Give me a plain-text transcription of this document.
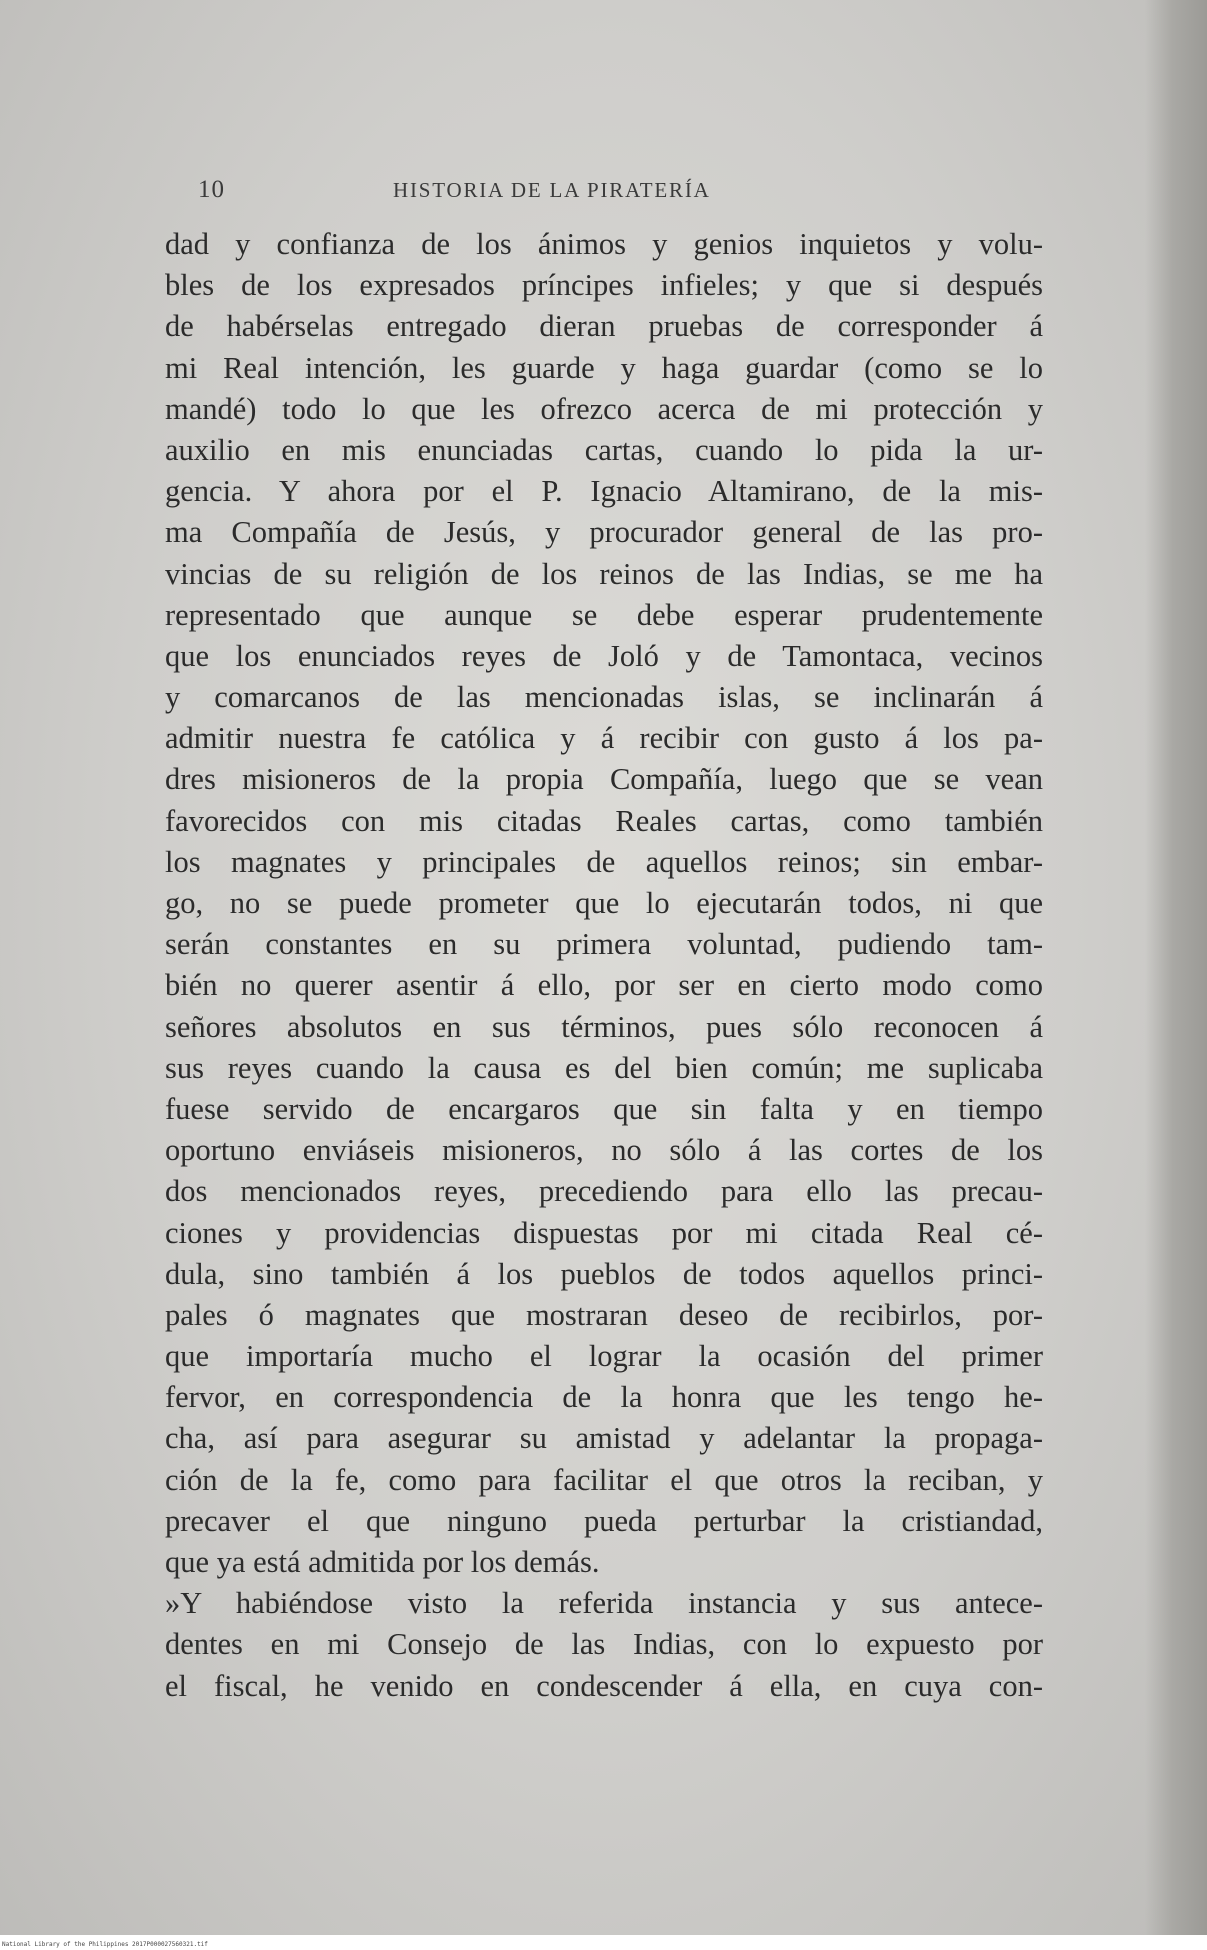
10	HISTORIA DE LA PIRATERÍA
dad y confianza de los ánimos y genios inquietos y volu-
bles de los expresados príncipes infieles; y que si después
de habérselas entregado dieran pruebas de corresponder á
mi Real intención, les guarde y haga guardar (como se lo
mandé) todo lo que les ofrezco acerca de mi protección y
auxilio en mis enunciadas cartas, cuando lo pida la ur-
gencia. Y ahora por el P. Ignacio Altamirano, de la mis-
ma Compañía de Jesús, y procurador general de las pro-
vincias de su religión de los reinos de las Indias, se me ha
representado que aunque se debe esperar prudentemente
que los enunciados reyes de Joló y de Tamontaca, vecinos
y comarcanos de las mencionadas islas, se inclinarán á
admitir nuestra fe católica y á recibir con gusto á los pa-
dres misioneros de la propia Compañía, luego que se vean
favorecidos con mis citadas Reales cartas, como también
los magnates y principales de aquellos reinos; sin embar-
go, no se puede prometer que lo ejecutarán todos, ni que
serán constantes en su primera voluntad, pudiendo tam-
bién no querer asentir á ello, por ser en cierto modo como
señores absolutos en sus términos, pues sólo reconocen á
sus reyes cuando la causa es del bien común; me suplicaba
fuese servido de encargaros que sin falta y en tiempo
oportuno enviáseis misioneros, no sólo á las cortes de los
dos mencionados reyes, precediendo para ello las precau-
ciones y providencias dispuestas por mi citada Real cé-
dula, sino también á los pueblos de todos aquellos princi-
pales ó magnates que mostraran deseo de recibirlos, por-
que importaría mucho el lograr la ocasión del primer
fervor, en correspondencia de la honra que les tengo he-
cha, así para asegurar su amistad y adelantar la propaga-
ción de la fe, como para facilitar el que otros la reciban, y
precaver el que ninguno pueda perturbar la cristiandad,
que ya está admitida por los demás.
»Y habiéndose visto la referida instancia y sus antece-
dentes en mi Consejo de las Indias, con lo expuesto por
el fiscal, he venido en condescender á ella, en cuya con-
National Library of the Philippines 2017P000027560321.tif
